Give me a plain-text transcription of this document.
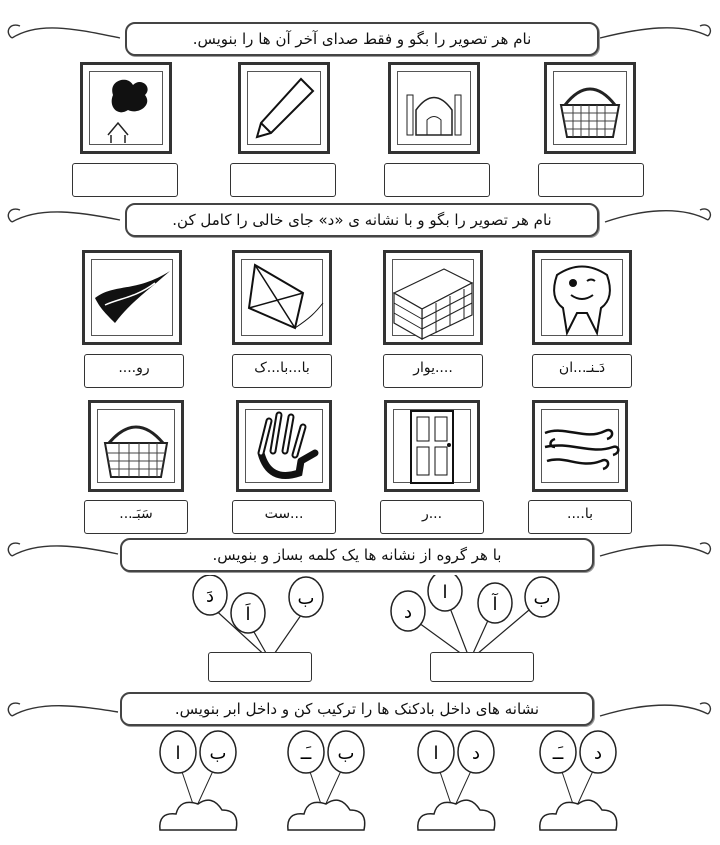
نام هر تصویر را بگو و فقط صدای آخر آن ها را بنویس.
نام هر تصویر را بگو و با نشانه ی «د» جای خالی را کامل کن.
رو....	با...با...ک	....یوار	دَـنـ...ان
سَبَـ...	...ست	...ر	با....
با هر گروه از نشانه ها یک کلمه بساز و بنویس.
دَ
اَ
ب
د
ا
آ ب
نشانه های داخل بادکنک ها را ترکیب کن و داخل ابر بنویس.
ا ب	ـَـ ب	ا د	ـَـ د
